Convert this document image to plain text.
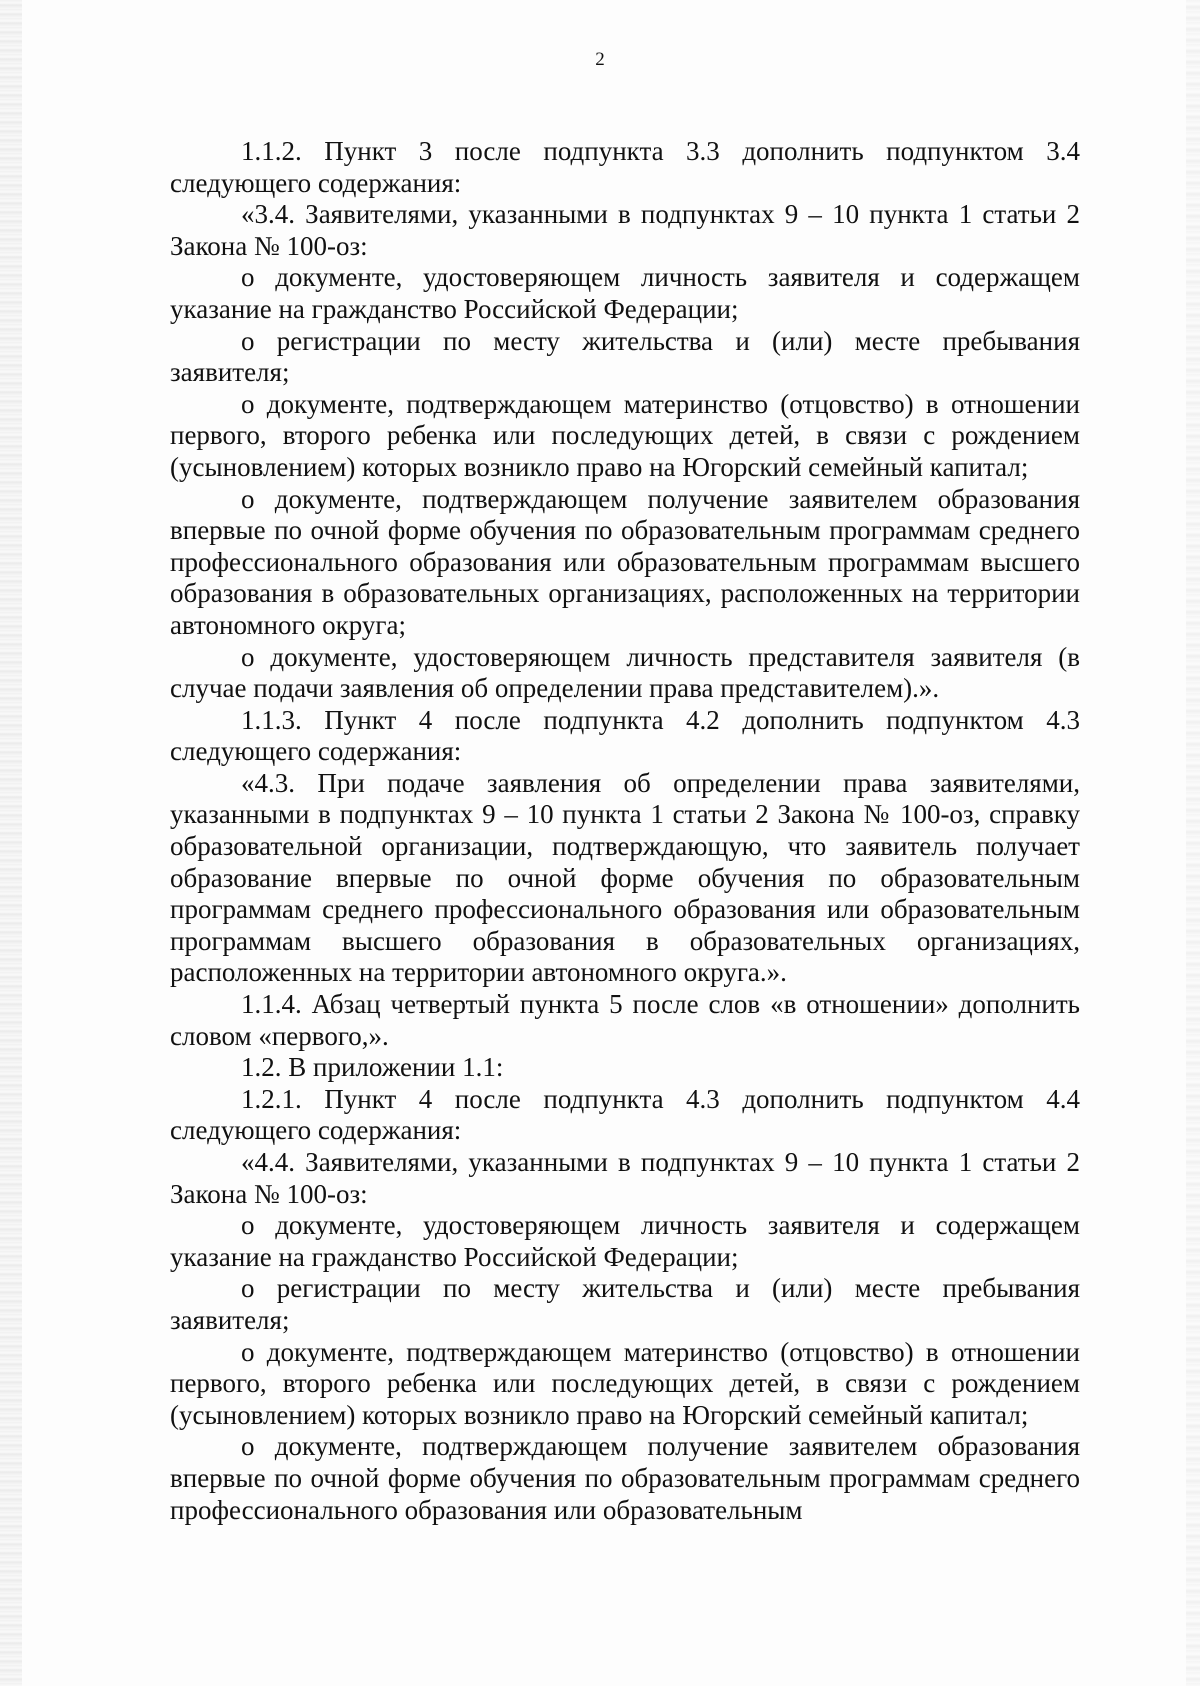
2

1.1.2. Пункт 3 после подпункта 3.3 дополнить подпунктом 3.4 следующего содержания:

«3.4. Заявителями, указанными в подпунктах 9 – 10 пункта 1 статьи 2 Закона № 100-оз:

о документе, удостоверяющем личность заявителя и содержащем указание на гражданство Российской Федерации;

о регистрации по месту жительства и (или) месте пребывания заявителя;

о документе, подтверждающем материнство (отцовство) в отношении первого, второго ребенка или последующих детей, в связи с рождением (усыновлением) которых возникло право на Югорский семейный капитал;

о документе, подтверждающем получение заявителем образования впервые по очной форме обучения по образовательным программам среднего профессионального образования или образовательным программам высшего образования в образовательных организациях, расположенных на территории автономного округа;

о документе, удостоверяющем личность представителя заявителя (в случае подачи заявления об определении права представителем).».

1.1.3. Пункт 4 после подпункта 4.2 дополнить подпунктом 4.3 следующего содержания:

«4.3. При подаче заявления об определении права заявителями, указанными в подпунктах 9 – 10 пункта 1 статьи 2 Закона № 100-оз, справку образовательной организации, подтверждающую, что заявитель получает образование впервые по очной форме обучения по образовательным программам среднего профессионального образования или образовательным программам высшего образования в образовательных организациях, расположенных на территории автономного округа.».

1.1.4. Абзац четвертый пункта 5 после слов «в отношении» дополнить словом «первого,».

1.2. В приложении 1.1:

1.2.1. Пункт 4 после подпункта 4.3 дополнить подпунктом 4.4 следующего содержания:

«4.4. Заявителями, указанными в подпунктах 9 – 10 пункта 1 статьи 2 Закона № 100-оз:

о документе, удостоверяющем личность заявителя и содержащем указание на гражданство Российской Федерации;

о регистрации по месту жительства и (или) месте пребывания заявителя;

о документе, подтверждающем материнство (отцовство) в отношении первого, второго ребенка или последующих детей, в связи с рождением (усыновлением) которых возникло право на Югорский семейный капитал;

о документе, подтверждающем получение заявителем образования впервые по очной форме обучения по образовательным программам среднего профессионального образования или образовательным
